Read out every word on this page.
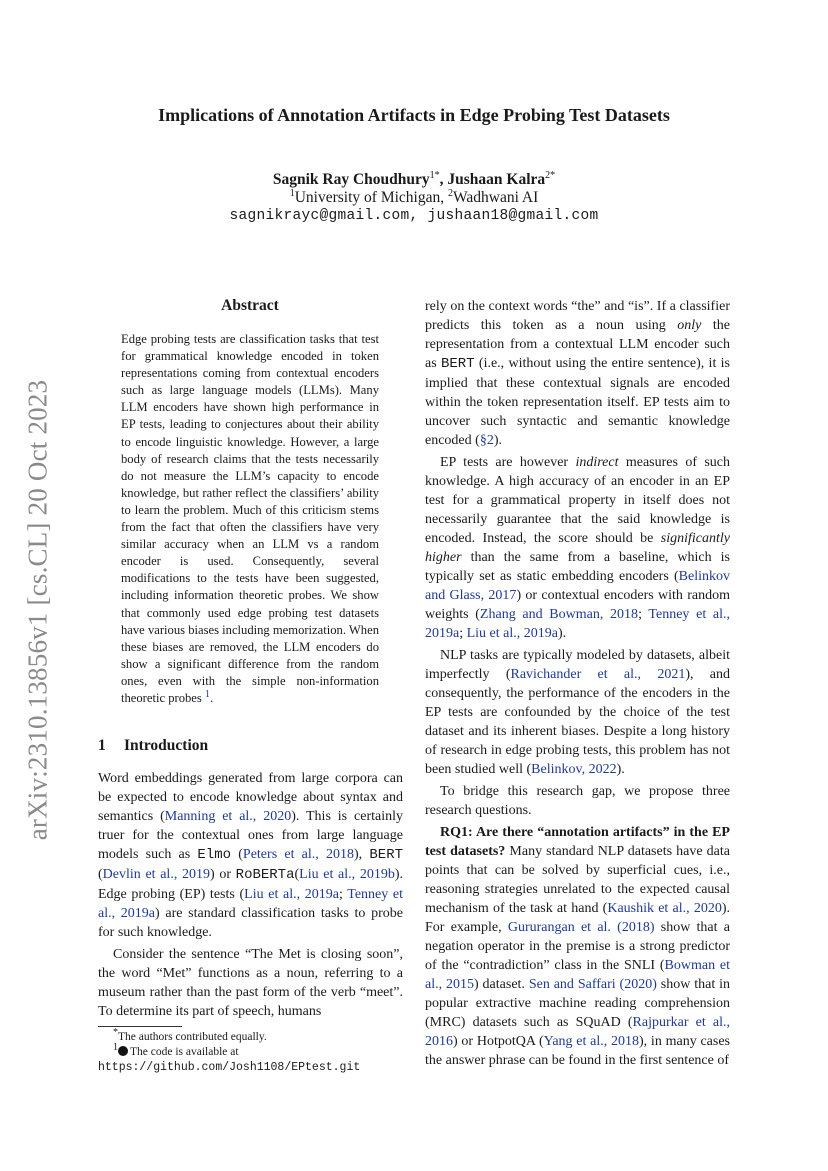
arXiv:2310.13856v1 [cs.CL] 20 Oct 2023
Implications of Annotation Artifacts in Edge Probing Test Datasets
Sagnik Ray Choudhury$^{1*}$, Jushaan Kalra$^{2*}$
$^1$University of Michigan, $^2$Wadhwani AI
sagnikrayc@gmail.com, jushaan18@gmail.com
Abstract
Edge probing tests are classification tasks that test for grammatical knowledge encoded in token representations coming from contextual encoders such as large language models (LLMs). Many LLM encoders have shown high performance in EP tests, leading to conjectures about their ability to encode linguistic knowledge. However, a large body of research claims that the tests necessarily do not measure the LLM’s capacity to encode knowledge, but rather reflect the classifiers’ ability to learn the problem. Much of this criticism stems from the fact that often the classifiers have very similar accuracy when an LLM vs a random encoder is used. Consequently, several modifications to the tests have been suggested, including information theoretic probes. We show that commonly used edge probing test datasets have various biases including memorization. When these biases are removed, the LLM encoders do show a significant difference from the random ones, even with the simple non-information theoretic probes $^1$.
1 Introduction

Word embeddings generated from large corpora can be expected to encode knowledge about syntax and semantics (Manning et al., 2020). This is certainly truer for the contextual ones from large language models such as Elmo (Peters et al., 2018), BERT (Devlin et al., 2019) or RoBERTa(Liu et al., 2019b). Edge probing (EP) tests (Liu et al., 2019a; Tenney et al., 2019a) are standard classification tasks to probe for such knowledge.

Consider the sentence “The Met is closing soon”, the word “Met” functions as a noun, referring to a museum rather than the past form of the verb “meet”. To determine its part of speech, humans

rely on the context words “the” and “is”. If a classifier predicts this token as a noun using only the representation from a contextual LLM encoder such as BERT (i.e., without using the entire sentence), it is implied that these contextual signals are encoded within the token representation itself. EP tests aim to uncover such syntactic and semantic knowledge encoded (§2).

EP tests are however indirect measures of such knowledge. A high accuracy of an encoder in an EP test for a grammatical property in itself does not necessarily guarantee that the said knowledge is encoded. Instead, the score should be significantly higher than the same from a baseline, which is typically set as static embedding encoders (Belinkov and Glass, 2017) or contextual encoders with random weights (Zhang and Bowman, 2018; Tenney et al., 2019a; Liu et al., 2019a).

NLP tasks are typically modeled by datasets, albeit imperfectly (Ravichander et al., 2021), and consequently, the performance of the encoders in the EP tests are confounded by the choice of the test dataset and its inherent biases. Despite a long history of research in edge probing tests, this problem has not been studied well (Belinkov, 2022).

To bridge this research gap, we propose three research questions.

RQ1: Are there “annotation artifacts” in the EP test datasets? Many standard NLP datasets have data points that can be solved by superficial cues, i.e., reasoning strategies unrelated to the expected causal mechanism of the task at hand (Kaushik et al., 2020). For example, Gururangan et al. (2018) show that a negation operator in the premise is a strong predictor of the “contradiction” class in the SNLI (Bowman et al., 2015) dataset. Sen and Saffari (2020) show that in popular extractive machine reading comprehension (MRC) datasets such as SQuAD (Rajpurkar et al., 2016) or HotpotQA (Yang et al., 2018), in many cases the answer phrase can be found in the first sentence of

*The authors contributed equally.

$^1$ The code is available at https://github.com/Josh1108/EPtest.git
